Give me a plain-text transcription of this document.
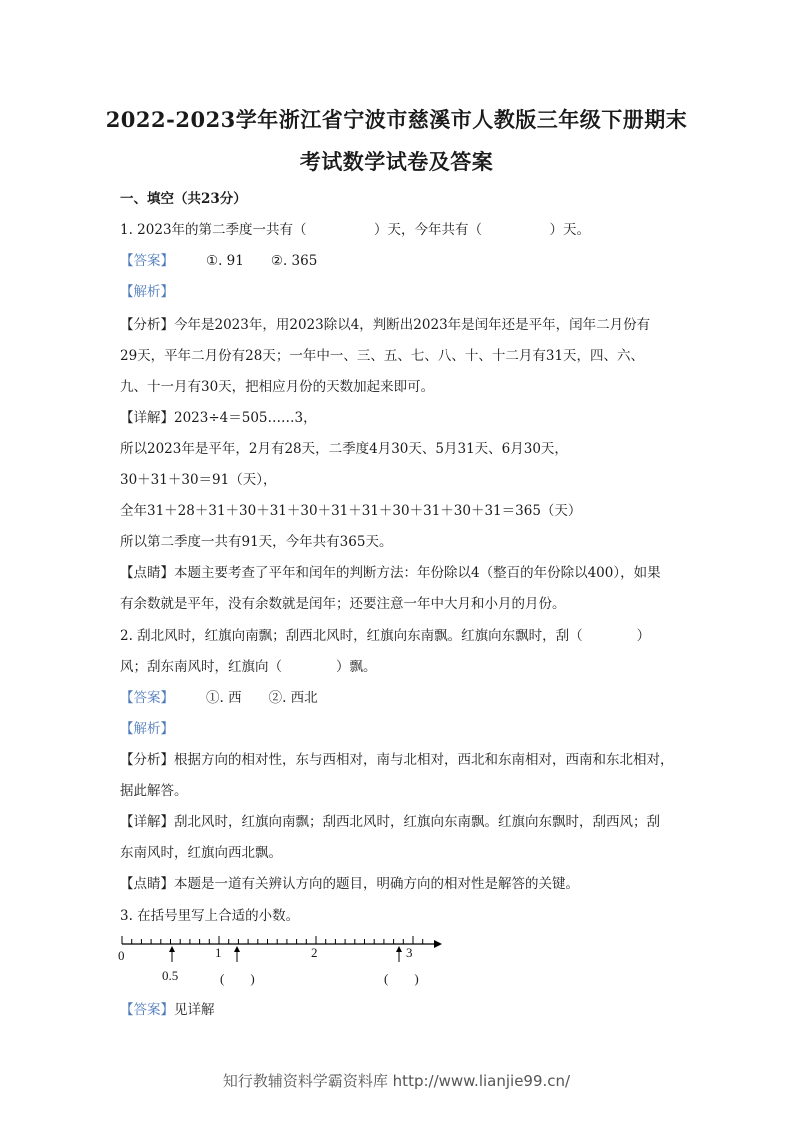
2022-2023学年浙江省宁波市慈溪市人教版三年级下册期末
考试数学试卷及答案
一、填空（共23分）
1. 2023年的第二季度一共有（　　　　　）天，今年共有（　　　　　）天。
【答案】 ①. 91　　②. 365
【解析】
【分析】今年是2023年，用2023除以4，判断出2023年是闰年还是平年，闰年二月份有
29天，平年二月份有28天；一年中一、三、五、七、八、十、十二月有31天，四、六、
九、十一月有30天，把相应月份的天数加起来即可。
【详解】2023÷4＝505……3，
所以2023年是平年，2月有28天，二季度4月30天、5月31天、6月30天，
30＋31＋30＝91（天），
全年31＋28＋31＋30＋31＋30＋31＋31＋30＋31＋30＋31＝365（天）
所以第二季度一共有91天，今年共有365天。
【点睛】本题主要考查了平年和闰年的判断方法：年份除以4（整百的年份除以400），如果
有余数就是平年，没有余数就是闰年；还要注意一年中大月和小月的月份。
2. 刮北风时，红旗向南飘；刮西北风时，红旗向东南飘。红旗向东飘时，刮（　　　　）
风；刮东南风时，红旗向（　　　　）飘。
【答案】 ①. 西　　②. 西北
【解析】
【分析】根据方向的相对性，东与西相对，南与北相对，西北和东南相对，西南和东北相对，
据此解答。
【详解】刮北风时，红旗向南飘；刮西北风时，红旗向东南飘。红旗向东飘时，刮西风；刮
东南风时，红旗向西北飘。
【点睛】本题是一道有关辨认方向的题目，明确方向的相对性是解答的关键。
3. 在括号里写上合适的小数。
0	1	2	3
0.5	(　　)	(　　)
【答案】见详解
知行教辅资料学霸资料库 http://www.lianjie99.cn/
